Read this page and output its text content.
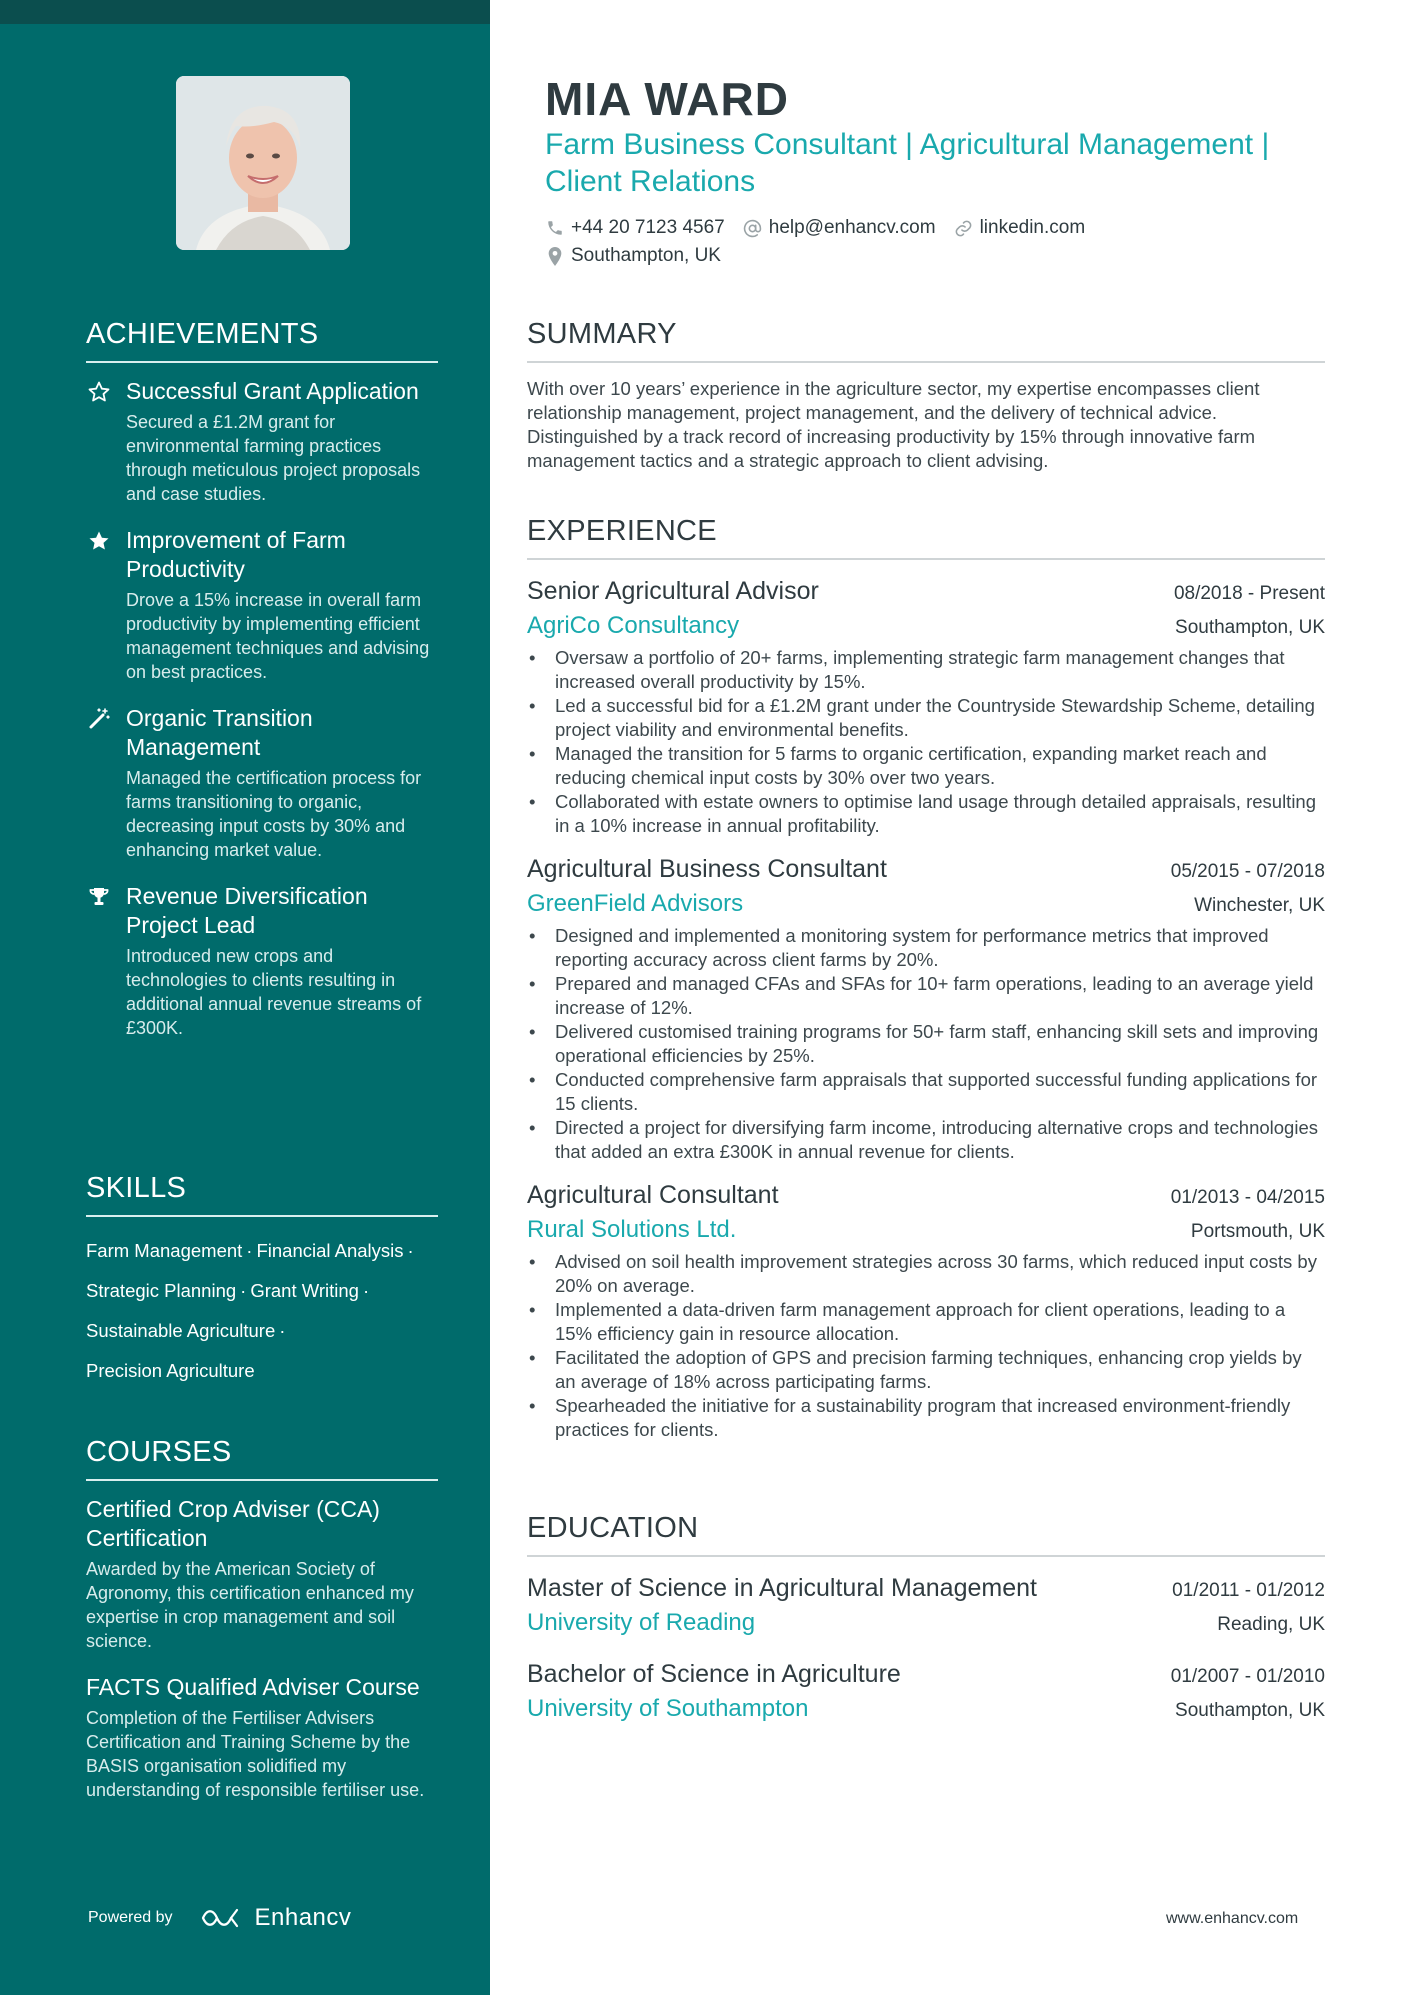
ACHIEVEMENTS
Successful Grant Application
Secured a £1.2M grant for environmental farming practices through meticulous project proposals and case studies.
Improvement of Farm Productivity
Drove a 15% increase in overall farm productivity by implementing efficient management techniques and advising on best practices.
Organic Transition Management
Managed the certification process for farms transitioning to organic, decreasing input costs by 30% and enhancing market value.
Revenue Diversification Project Lead
Introduced new crops and technologies to clients resulting in additional annual revenue streams of £300K.
SKILLS
Farm Management · Financial Analysis ·
Strategic Planning · Grant Writing ·
Sustainable Agriculture ·
Precision Agriculture
COURSES
Certified Crop Adviser (CCA) Certification
Awarded by the American Society of Agronomy, this certification enhanced my expertise in crop management and soil science.
FACTS Qualified Adviser Course
Completion of the Fertiliser Advisers Certification and Training Scheme by the BASIS organisation solidified my understanding of responsible fertiliser use.
Powered by	Enhancv
MIA WARD
Farm Business Consultant | Agricultural Management | Client Relations
+44 20 7123 4567 help@enhancv.com linkedin.com
Southampton, UK
SUMMARY
With over 10 years’ experience in the agriculture sector, my expertise encompasses client relationship management, project management, and the delivery of technical advice. Distinguished by a track record of increasing productivity by 15% through innovative farm management tactics and a strategic approach to client advising.
EXPERIENCE
Senior Agricultural Advisor	08/2018 - Present
AgriCo Consultancy	Southampton, UK
• Oversaw a portfolio of 20+ farms, implementing strategic farm management changes that increased overall productivity by 15%.
• Led a successful bid for a £1.2M grant under the Countryside Stewardship Scheme, detailing project viability and environmental benefits.
• Managed the transition for 5 farms to organic certification, expanding market reach and reducing chemical input costs by 30% over two years.
• Collaborated with estate owners to optimise land usage through detailed appraisals, resulting in a 10% increase in annual profitability.
Agricultural Business Consultant	05/2015 - 07/2018
GreenField Advisors	Winchester, UK
• Designed and implemented a monitoring system for performance metrics that improved reporting accuracy across client farms by 20%.
• Prepared and managed CFAs and SFAs for 10+ farm operations, leading to an average yield increase of 12%.
• Delivered customised training programs for 50+ farm staff, enhancing skill sets and improving operational efficiencies by 25%.
• Conducted comprehensive farm appraisals that supported successful funding applications for 15 clients.
• Directed a project for diversifying farm income, introducing alternative crops and technologies that added an extra £300K in annual revenue for clients.
Agricultural Consultant	01/2013 - 04/2015
Rural Solutions Ltd.	Portsmouth, UK
• Advised on soil health improvement strategies across 30 farms, which reduced input costs by 20% on average.
• Implemented a data-driven farm management approach for client operations, leading to a 15% efficiency gain in resource allocation.
• Facilitated the adoption of GPS and precision farming techniques, enhancing crop yields by an average of 18% across participating farms.
• Spearheaded the initiative for a sustainability program that increased environment-friendly practices for clients.
EDUCATION
Master of Science in Agricultural Management	01/2011 - 01/2012
University of Reading	Reading, UK
Bachelor of Science in Agriculture	01/2007 - 01/2010
University of Southampton	Southampton, UK
www.enhancv.com
